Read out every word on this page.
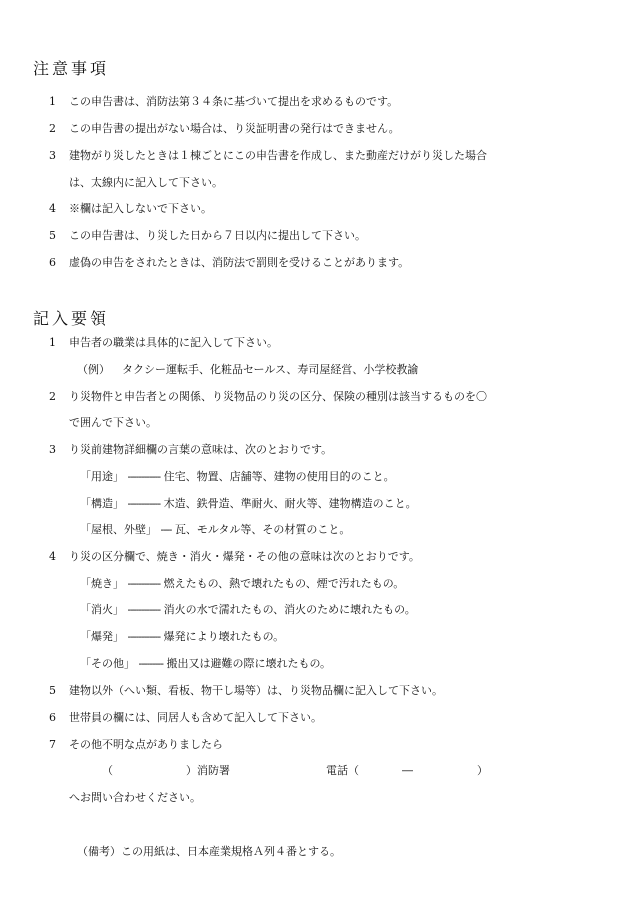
注意事項
1 この申告書は、消防法第３４条に基づいて提出を求めるものです。
2 この申告書の提出がない場合は、り災証明書の発行はできません。
3 建物がり災したときは１棟ごとにこの申告書を作成し、また動産だけがり災した場合
は、太線内に記入して下さい。
4 ※欄は記入しないで下さい。
5 この申告書は、り災した日から７日以内に提出して下さい。
6 虚偽の申告をされたときは、消防法で罰則を受けることがあります。
記入要領
1 申告者の職業は具体的に記入して下さい。
（例） タクシー運転手、化粧品セールス、寿司屋経営、小学校教諭
2 り災物件と申告者との関係、り災物品のり災の区分、保険の種別は該当するものを〇
で囲んで下さい。
3 り災前建物詳細欄の言葉の意味は、次のとおりです。
「用途」 ‐‐‐‐‐‐‐‐‐‐‐‐ 住宅、物置、店舗等、建物の使用目的のこと。
「構造」 ‐‐‐‐‐‐‐‐‐‐‐‐ 木造、鉄骨造、準耐火、耐火等、建物構造のこと。
「屋根、外壁」 ‐‐‐‐ 瓦、モルタル等、その材質のこと。
4 り災の区分欄で、焼き・消火・爆発・その他の意味は次のとおりです。
「焼き」 ‐‐‐‐‐‐‐‐‐‐‐‐ 燃えたもの、熱で壊れたもの、煙で汚れたもの。
「消火」 ‐‐‐‐‐‐‐‐‐‐‐‐ 消火の水で濡れたもの、消火のために壊れたもの。
「爆発」 ‐‐‐‐‐‐‐‐‐‐‐‐ 爆発により壊れたもの。
「その他」 ‐‐‐‐‐‐‐‐‐ 搬出又は避難の際に壊れたもの。
5 建物以外（へい類、看板、物干し場等）は、り災物品欄に記入して下さい。
6 世帯員の欄には、同居人も含めて記入して下さい。
7 その他不明な点がありましたら
（	）消防署	電話（	―	）
へお問い合わせください。
（備考）この用紙は、日本産業規格Ａ列４番とする。
